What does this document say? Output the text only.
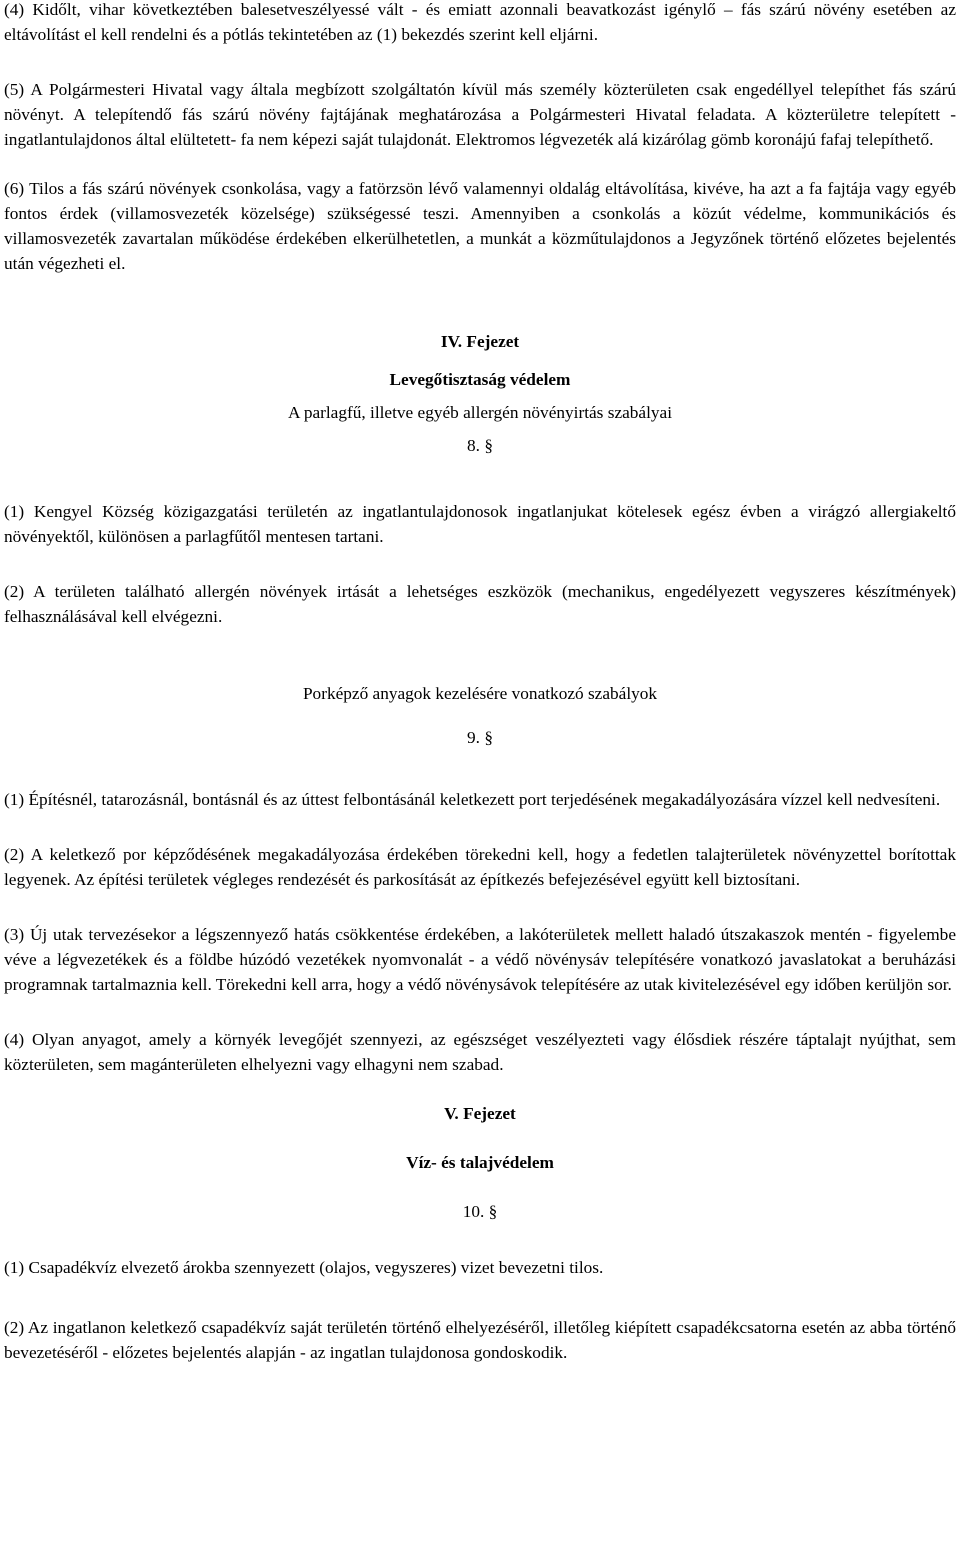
(4) Kidőlt, vihar következtében balesetveszélyessé vált - és emiatt azonnali beavatkozást igénylő – fás szárú növény esetében az eltávolítást el kell rendelni és a pótlás tekintetében az (1) bekezdés szerint kell eljárni.

(5) A Polgármesteri Hivatal vagy általa megbízott szolgáltatón kívül más személy közterületen csak engedéllyel telepíthet fás szárú növényt. A telepítendő fás szárú növény fajtájának meghatározása a Polgármesteri Hivatal feladata. A közterületre telepített -ingatlantulajdonos által elültetett- fa nem képezi saját tulajdonát. Elektromos légvezeték alá kizárólag gömb koronájú fafaj telepíthető.

(6) Tilos a fás szárú növények csonkolása, vagy a fatörzsön lévő valamennyi oldalág eltávolítása, kivéve, ha azt a fa fajtája vagy egyéb fontos érdek (villamosvezeték közelsége) szükségessé teszi. Amennyiben a csonkolás a közút védelme, kommunikációs és villamosvezeték zavartalan működése érdekében elkerülhetetlen, a munkát a közműtulajdonos a Jegyzőnek történő előzetes bejelentés után végezheti el.

IV. Fejezet

Levegőtisztaság védelem

A parlagfű, illetve egyéb allergén növényirtás szabályai

8. §

(1) Kengyel Község közigazgatási területén az ingatlantulajdonosok ingatlanjukat kötelesek egész évben a virágzó allergiakeltő növényektől, különösen a parlagfűtől mentesen tartani.

(2) A területen található allergén növények irtását a lehetséges eszközök (mechanikus, engedélyezett vegyszeres készítmények) felhasználásával kell elvégezni.

Porképző anyagok kezelésére vonatkozó szabályok

9. §

(1) Építésnél, tatarozásnál, bontásnál és az úttest felbontásánál keletkezett port terjedésének megakadályozására vízzel kell nedvesíteni.

(2) A keletkező por képződésének megakadályozása érdekében törekedni kell, hogy a fedetlen talajterületek növényzettel borítottak legyenek. Az építési területek végleges rendezését és parkosítását az építkezés befejezésével együtt kell biztosítani.

(3) Új utak tervezésekor a légszennyező hatás csökkentése érdekében, a lakóterületek mellett haladó útszakaszok mentén - figyelembe véve a légvezetékek és a földbe húzódó vezetékek nyomvonalát - a védő növénysáv telepítésére vonatkozó javaslatokat a beruházási programnak tartalmaznia kell. Törekedni kell arra, hogy a védő növénysávok telepítésére az utak kivitelezésével egy időben kerüljön sor.

(4) Olyan anyagot, amely a környék levegőjét szennyezi, az egészséget veszélyezteti vagy élősdiek részére táptalajt nyújthat, sem közterületen, sem magánterületen elhelyezni vagy elhagyni nem szabad.

V. Fejezet

Víz- és talajvédelem

10. §

(1) Csapadékvíz elvezető árokba szennyezett (olajos, vegyszeres) vizet bevezetni tilos.

(2) Az ingatlanon keletkező csapadékvíz saját területén történő elhelyezéséről, illetőleg kiépített csapadékcsatorna esetén az abba történő bevezetéséről - előzetes bejelentés alapján - az ingatlan tulajdonosa gondoskodik.
